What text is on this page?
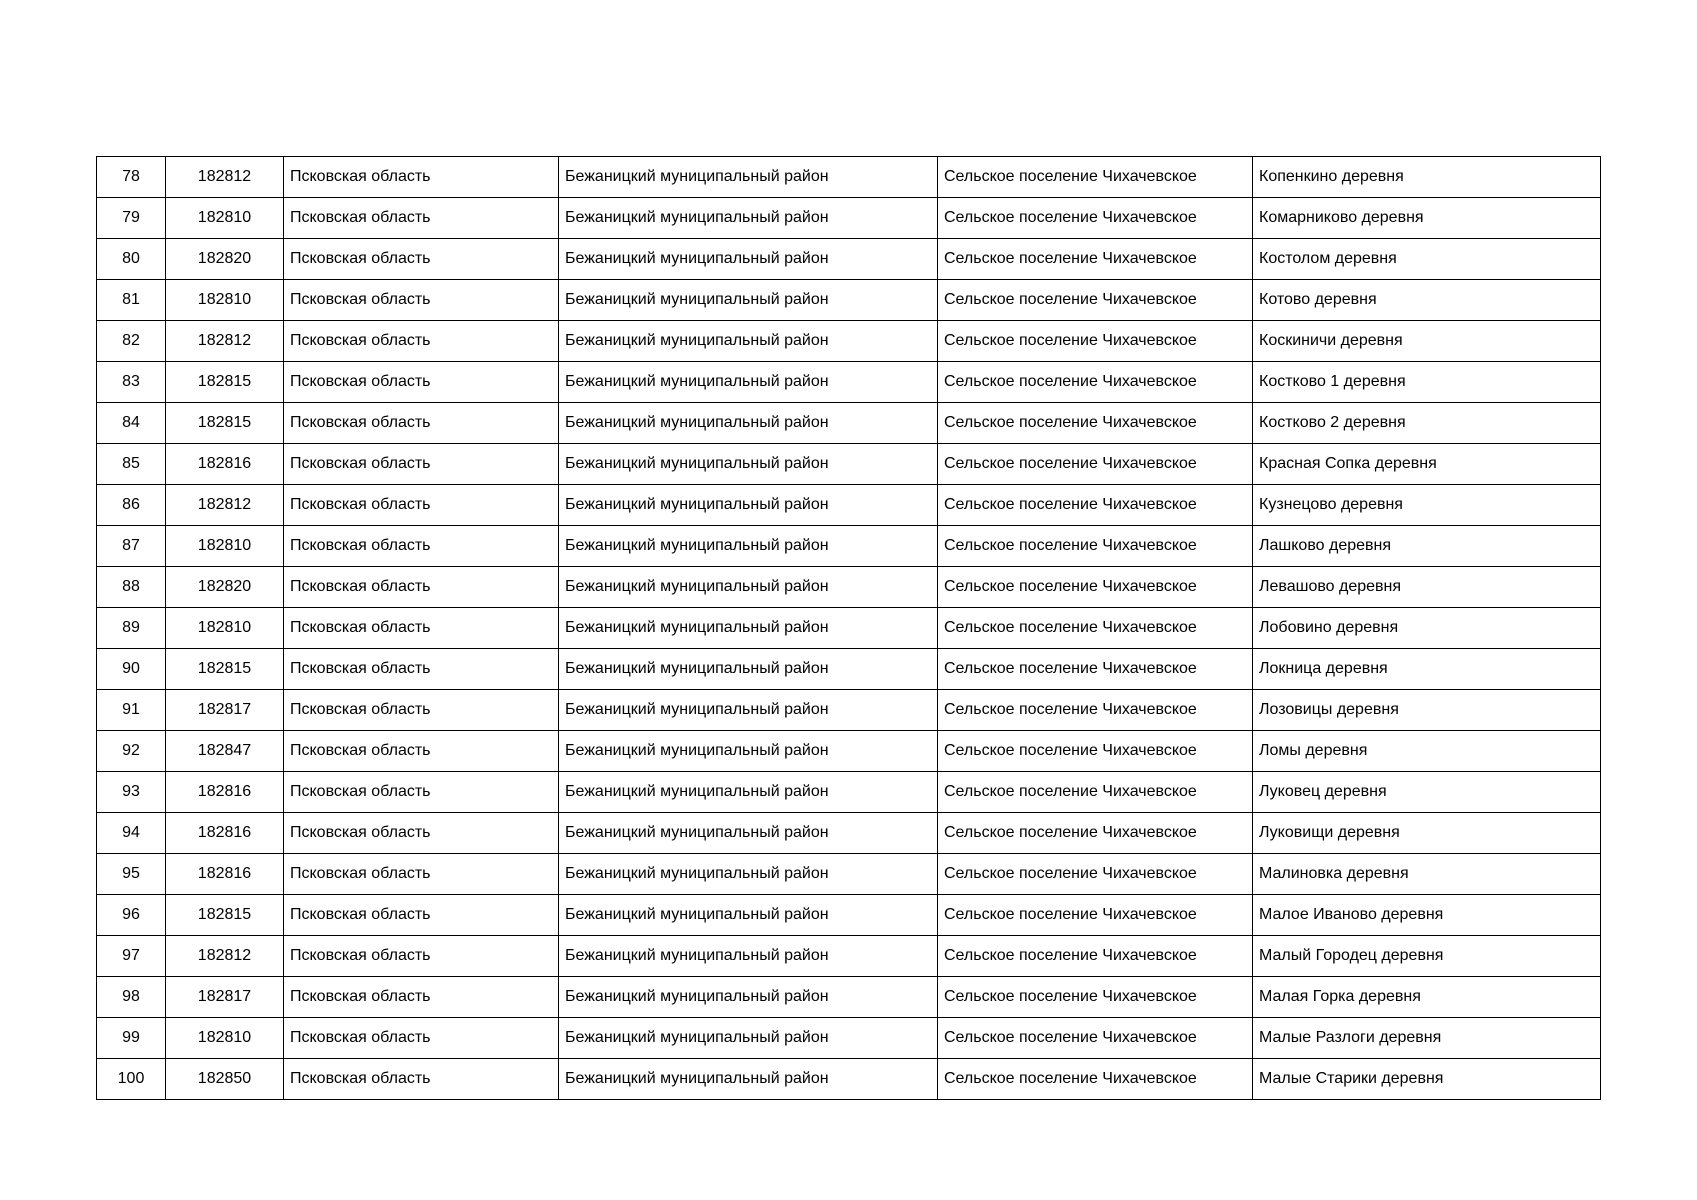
78	182812	Псковская область	Бежаницкий муниципальный район	Сельское поселение Чихачевское	Копенкино деревня
79	182810	Псковская область	Бежаницкий муниципальный район	Сельское поселение Чихачевское	Комарниково деревня
80	182820	Псковская область	Бежаницкий муниципальный район	Сельское поселение Чихачевское	Костолом деревня
81	182810	Псковская область	Бежаницкий муниципальный район	Сельское поселение Чихачевское	Котово деревня
82	182812	Псковская область	Бежаницкий муниципальный район	Сельское поселение Чихачевское	Коскиничи деревня
83	182815	Псковская область	Бежаницкий муниципальный район	Сельское поселение Чихачевское	Костково 1 деревня
84	182815	Псковская область	Бежаницкий муниципальный район	Сельское поселение Чихачевское	Костково 2 деревня
85	182816	Псковская область	Бежаницкий муниципальный район	Сельское поселение Чихачевское	Красная Сопка деревня
86	182812	Псковская область	Бежаницкий муниципальный район	Сельское поселение Чихачевское	Кузнецово деревня
87	182810	Псковская область	Бежаницкий муниципальный район	Сельское поселение Чихачевское	Лашково деревня
88	182820	Псковская область	Бежаницкий муниципальный район	Сельское поселение Чихачевское	Левашово деревня
89	182810	Псковская область	Бежаницкий муниципальный район	Сельское поселение Чихачевское	Лобовино деревня
90	182815	Псковская область	Бежаницкий муниципальный район	Сельское поселение Чихачевское	Локница деревня
91	182817	Псковская область	Бежаницкий муниципальный район	Сельское поселение Чихачевское	Лозовицы деревня
92	182847	Псковская область	Бежаницкий муниципальный район	Сельское поселение Чихачевское	Ломы деревня
93	182816	Псковская область	Бежаницкий муниципальный район	Сельское поселение Чихачевское	Луковец деревня
94	182816	Псковская область	Бежаницкий муниципальный район	Сельское поселение Чихачевское	Луковищи деревня
95	182816	Псковская область	Бежаницкий муниципальный район	Сельское поселение Чихачевское	Малиновка деревня
96	182815	Псковская область	Бежаницкий муниципальный район	Сельское поселение Чихачевское	Малое Иваново деревня
97	182812	Псковская область	Бежаницкий муниципальный район	Сельское поселение Чихачевское	Малый Городец деревня
98	182817	Псковская область	Бежаницкий муниципальный район	Сельское поселение Чихачевское	Малая Горка деревня
99	182810	Псковская область	Бежаницкий муниципальный район	Сельское поселение Чихачевское	Малые Разлоги деревня
100	182850	Псковская область	Бежаницкий муниципальный район	Сельское поселение Чихачевское	Малые Старики деревня
